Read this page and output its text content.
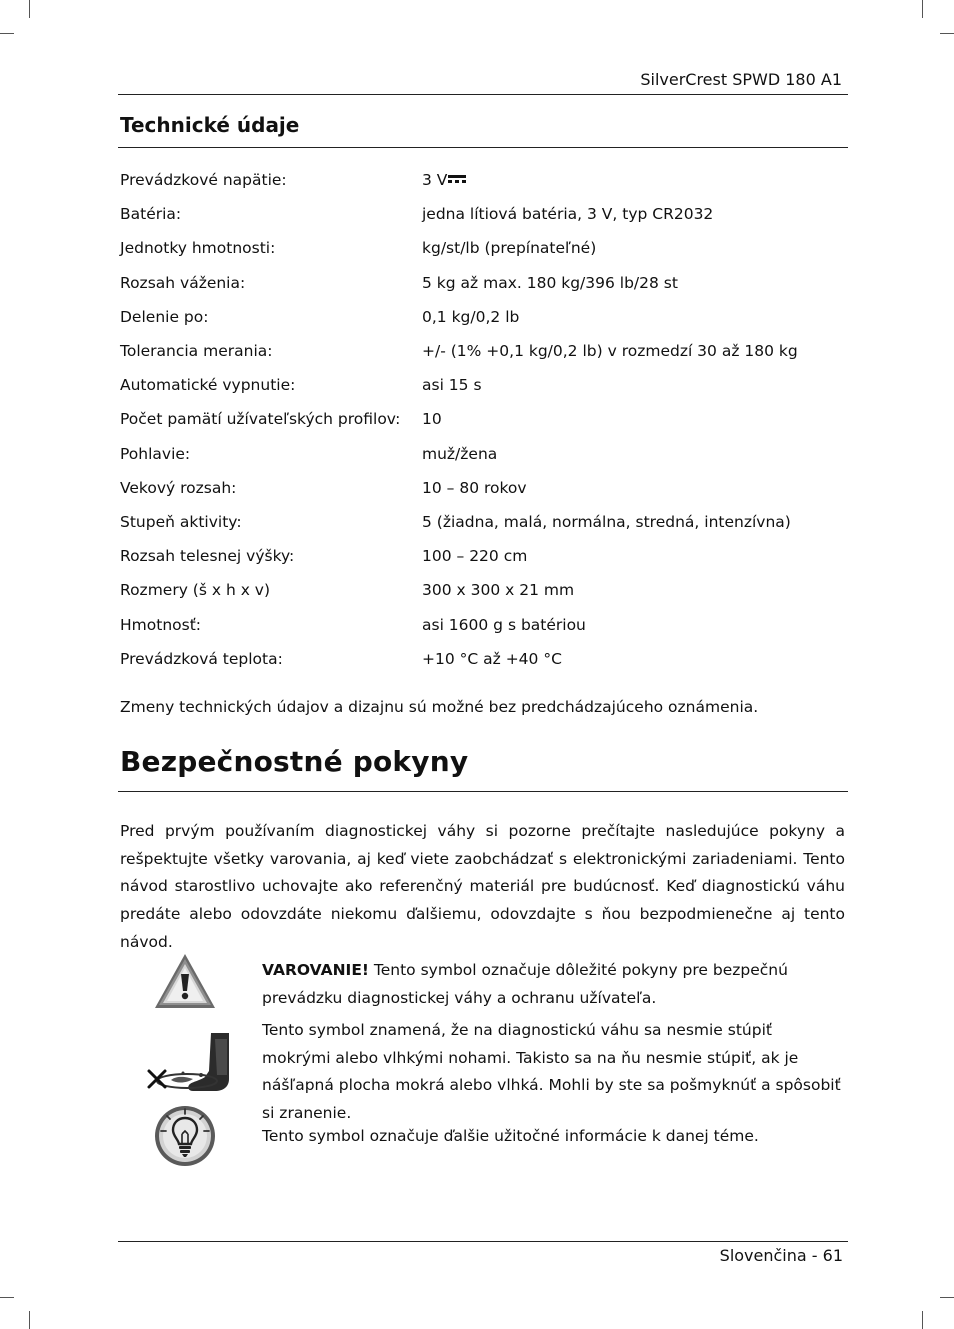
SilverCrest SPWD 180 A1
Technické údaje
Prevádzkové napätie:	3 V
Batéria:	jedna lítiová batéria, 3 V, typ CR2032
Jednotky hmotnosti:	kg/st/lb (prepínateľné)
Rozsah váženia:	5 kg až max. 180 kg/396 lb/28 st
Delenie po:	0,1 kg/0,2 lb
Tolerancia merania:	+/- (1% +0,1 kg/0,2 lb) v rozmedzí 30 až 180 kg
Automatické vypnutie:	asi 15 s
Počet pamätí užívateľských profilov:	10
Pohlavie:	muž/žena
Vekový rozsah:	10 – 80 rokov
Stupeň aktivity:	5 (žiadna, malá, normálna, stredná, intenzívna)
Rozsah telesnej výšky:	100 – 220 cm
Rozmery (š x h x v)	300 x 300 x 21 mm
Hmotnosť:	asi 1600 g s batériou
Prevádzková teplota:	+10 °C až +40 °C
Zmeny technických údajov a dizajnu sú možné bez predchádzajúceho oznámenia.
Bezpečnostné pokyny
Pred prvým používaním diagnostickej váhy si pozorne prečítajte nasledujúce pokyny a rešpektujte všetky varovania, aj keď viete zaobchádzať s elektronickými zariadeniami. Tento návod starostlivo uchovajte ako referenčný materiál pre budúcnosť. Keď diagnostickú váhu predáte alebo odovzdáte niekomu ďalšiemu, odovzdajte s ňou bezpodmienečne aj tento návod.
VAROVANIE! Tento symbol označuje dôležité pokyny pre bezpečnú prevádzku diagnostickej váhy a ochranu užívateľa.
Tento symbol znamená, že na diagnostickú váhu sa nesmie stúpiť mokrými alebo vlhkými nohami. Takisto sa na ňu nesmie stúpiť, ak je nášľapná plocha mokrá alebo vlhká. Mohli by ste sa pošmyknúť a spôsobiť si zranenie.
Tento symbol označuje ďalšie užitočné informácie k danej téme.
Slovenčina - 61
